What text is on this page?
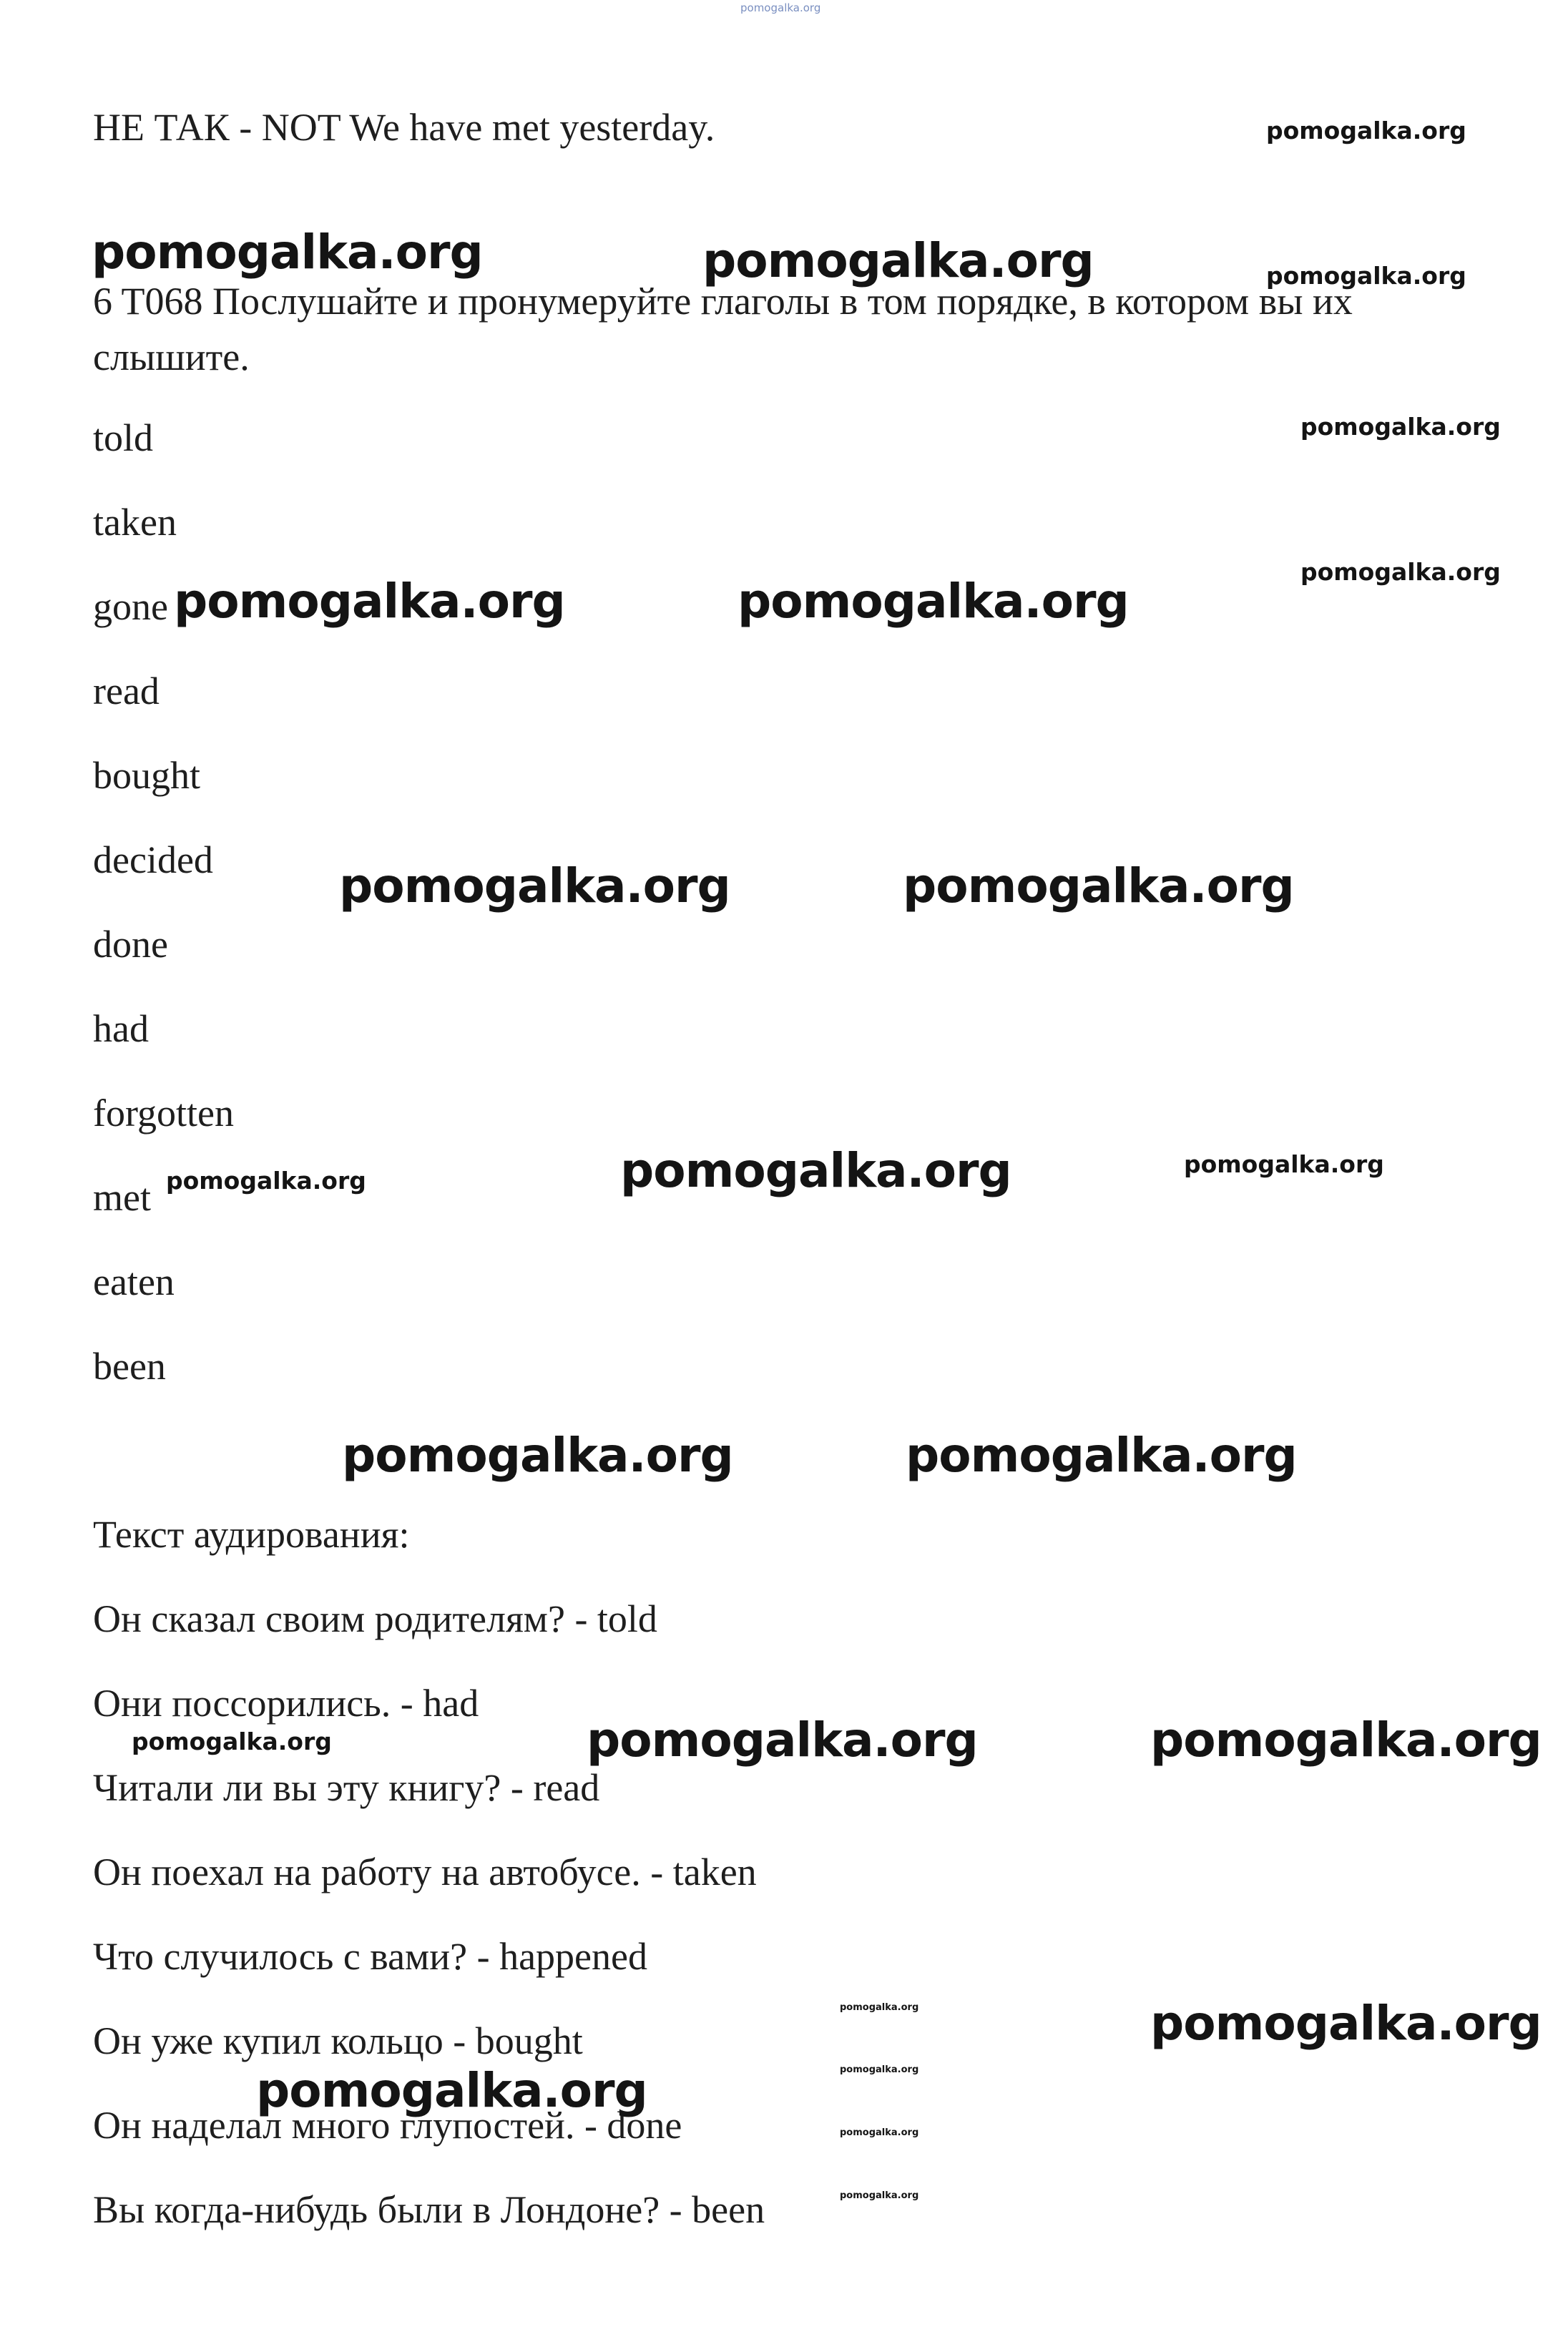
pomogalka.org
НЕ ТАК - NOT We have met yesterday.
6 T068 Послушайте и пронумеруйте глаголы в том порядке, в котором вы их слышите.
told
taken
gone
read
bought
decided
done
had
forgotten
met
eaten
been
Текст аудирования:
Он сказал своим родителям? - told
Они поссорились. - had
Читали ли вы эту книгу? - read
Он поехал на работу на автобусе. - taken
Что случилось с вами? - happened
Он уже купил кольцо - bought
Он наделал много глупостей. - done
Вы когда-нибудь были в Лондоне? - been
pomogalka.org
pomogalka.org	pomogalka.org	pomogalka.org
pomogalka.org
pomogalka.org
pomogalka.org	pomogalka.org
pomogalka.org	pomogalka.org
pomogalka.org	pomogalka.org	pomogalka.org
pomogalka.org	pomogalka.org
pomogalka.org	pomogalka.org	pomogalka.org
pomogalka.org	pomogalka.org
pomogalka.org
pomogalka.org
pomogalka.org
pomogalka.org
